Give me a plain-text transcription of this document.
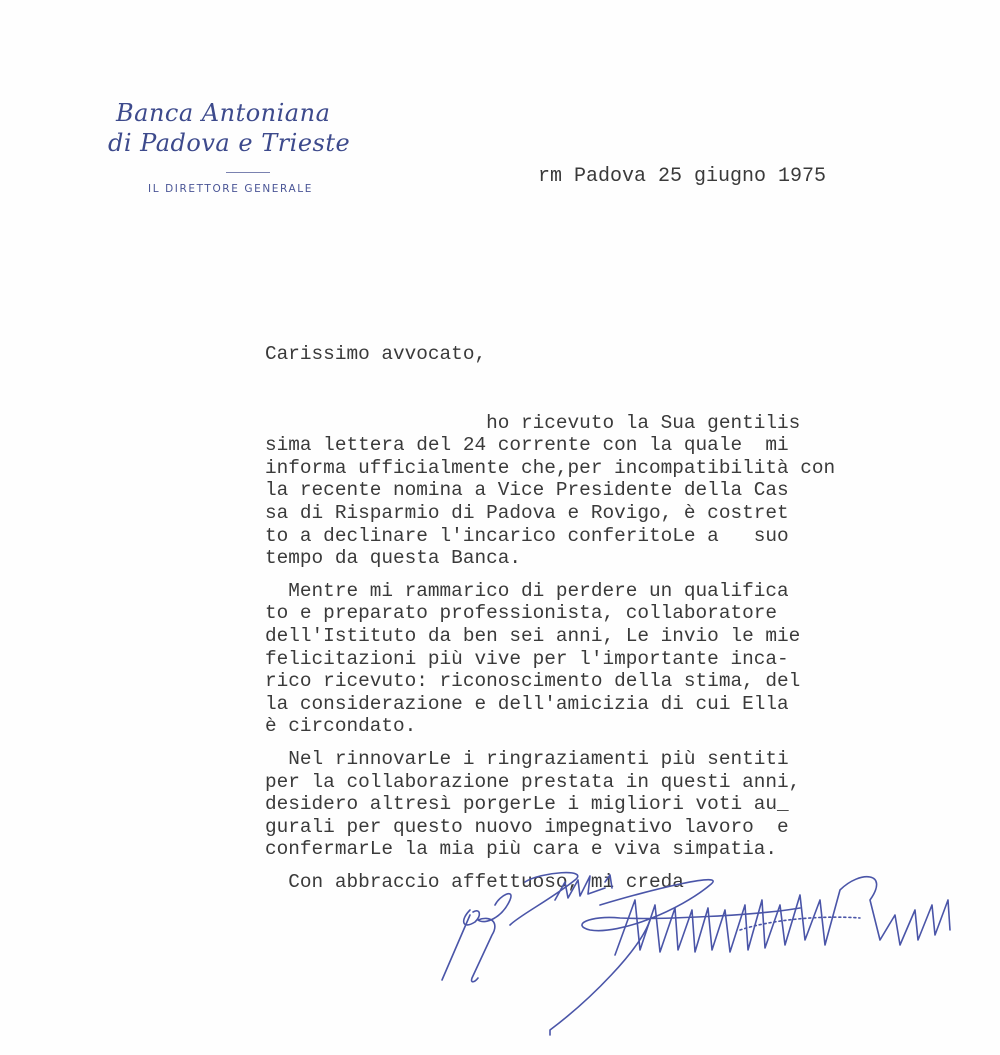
Banca Antoniana
di Padova e Trieste
IL DIRETTORE GENERALE
rm Padova 25 giugno 1975
Carissimo avvocato,
ho ricevuto la Sua gentilis
sima lettera del 24 corrente con la quale  mi
informa ufficialmente che,per incompatibilità con
la recente nomina a Vice Presidente della Cas
sa di Risparmio di Padova e Rovigo, è costret
to a declinare l'incarico conferitoLe a   suo
tempo da questa Banca.
Mentre mi rammarico di perdere un qualifica
to e preparato professionista, collaboratore
dell'Istituto da ben sei anni, Le invio le mie
felicitazioni più vive per l'importante inca-
rico ricevuto: riconoscimento della stima, del
la considerazione e dell'amicizia di cui Ella
è circondato.
Nel rinnovarLe i ringraziamenti più sentiti
per la collaborazione prestata in questi anni,
desidero altresì porgerLe i migliori voti au_
gurali per questo nuovo impegnativo lavoro  e
confermarLe la mia più cara e viva simpatia.
Con abbraccio affettuoso, mi creda
